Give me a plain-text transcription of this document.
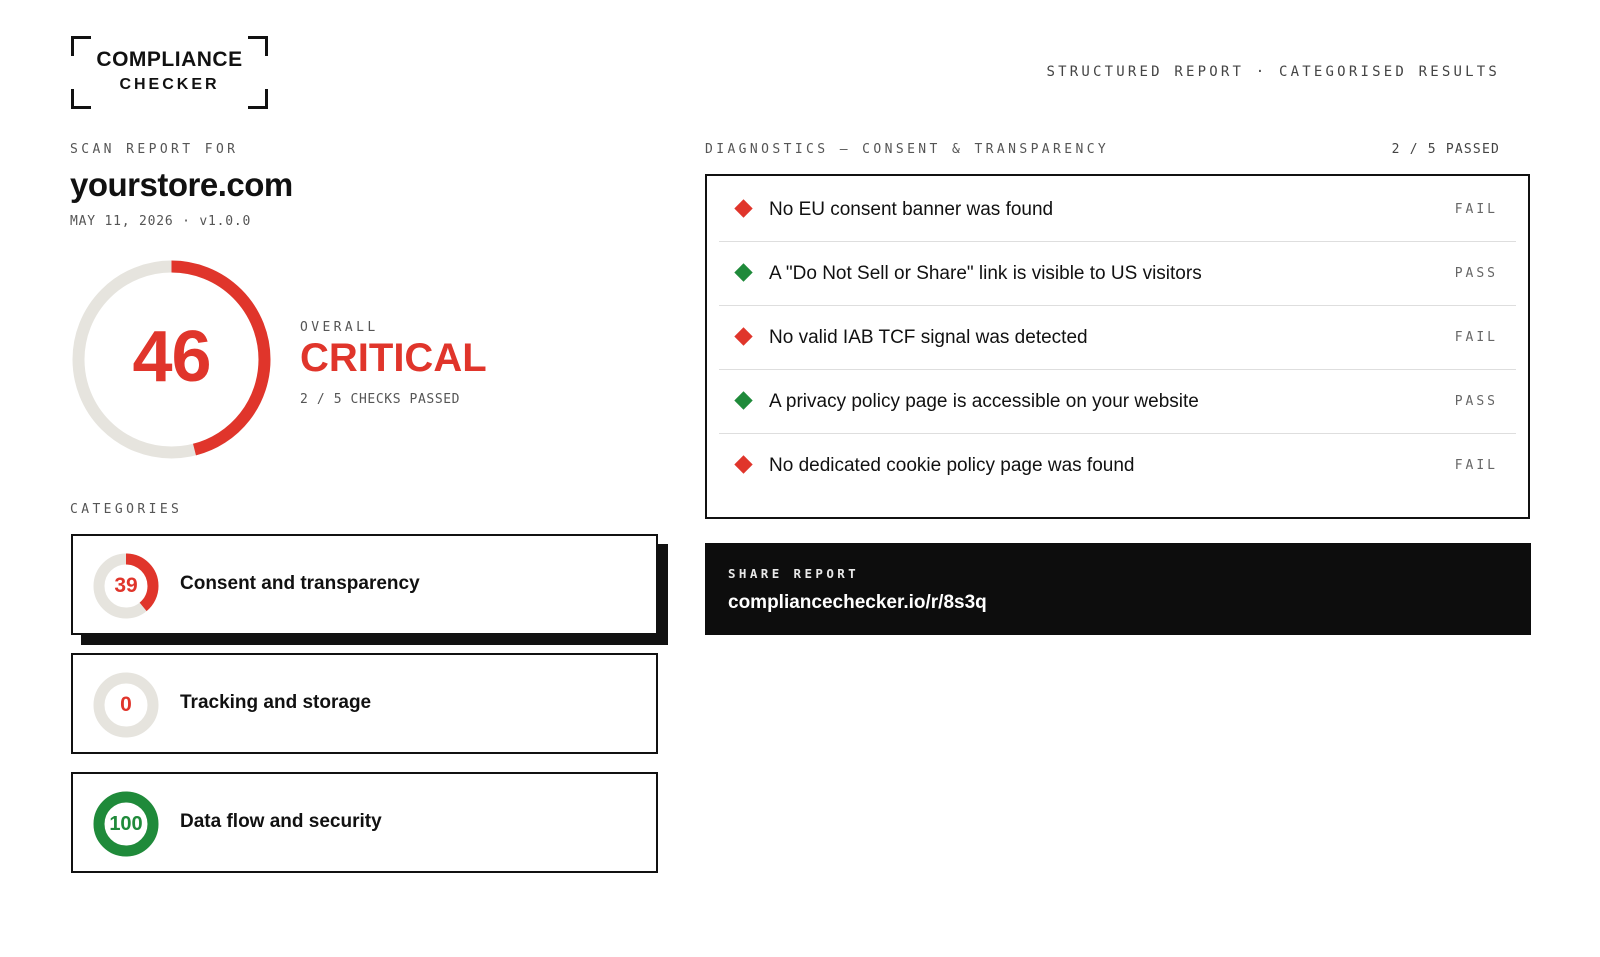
COMPLIANCE
CHECKER
STRUCTURED REPORT · CATEGORISED RESULTS
SCAN REPORT FOR
yourstore.com
MAY 11, 2026 · v1.0.0
46	OVERALL
CRITICAL
2 / 5 CHECKS PASSED
CATEGORIES
39	Consent and transparency
0	Tracking and storage
100	Data flow and security
DIAGNOSTICS — CONSENT & TRANSPARENCY	2 / 5 PASSED
No EU consent banner was found	FAIL
A "Do Not Sell or Share" link is visible to US visitors	PASS
No valid IAB TCF signal was detected	FAIL
A privacy policy page is accessible on your website	PASS
No dedicated cookie policy page was found	FAIL
SHARE REPORT
compliancechecker.io/r/8s3q
